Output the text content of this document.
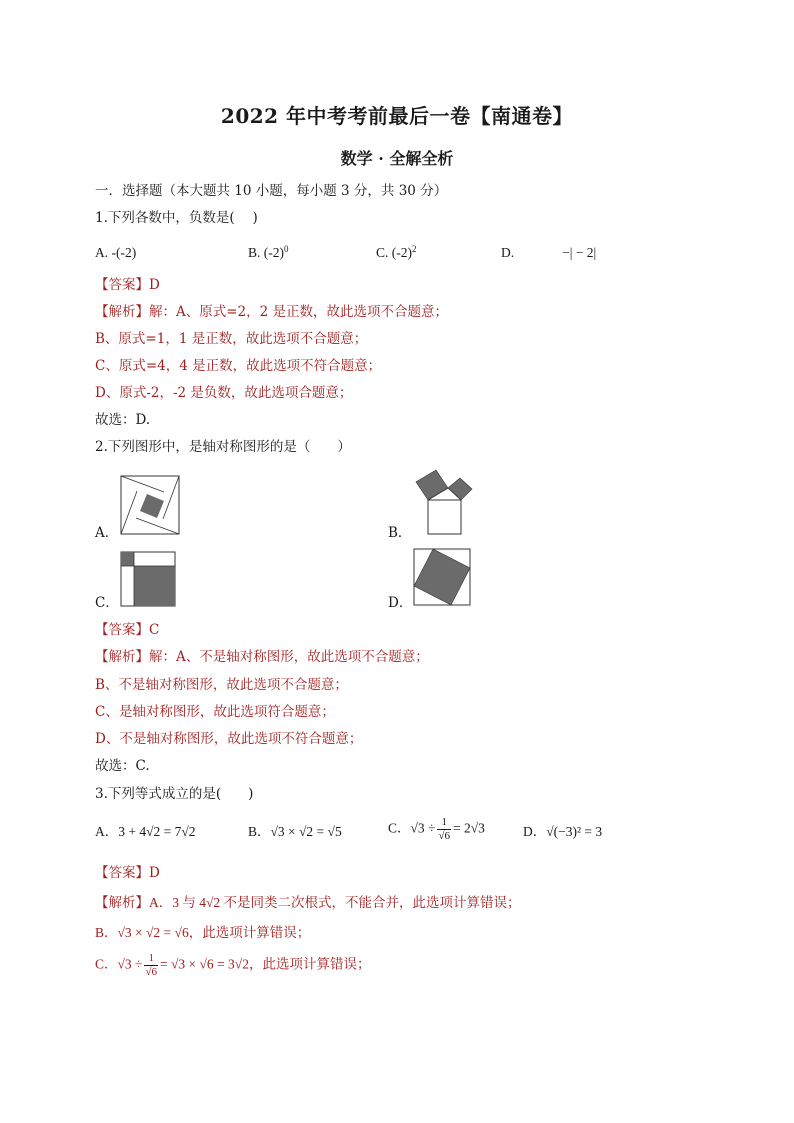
2022 年中考考前最后一卷【南通卷】
数学 · 全解全析
一．选择题（本大题共 10 小题，每小题 3 分，共 30 分）
1.下列各数中，负数是(　 )
A. -(-2)	B. $(-2)^0$	C. $(-2)^2$	D.	−| − 2|
【答案】D
【解析】解：A、原式=2，2 是正数，故此选项不合题意；
B、原式=1，1 是正数，故此选项不合题意；
C、原式=4，4 是正数，故此选项不符合题意；
D、原式-2，-2 是负数，故此选项合题意；
故选：D.
2.下列图形中，是轴对称图形的是（　　）
A．	B．
C．	D．
【答案】C
【解析】解：A、不是轴对称图形，故此选项不合题意；
B、不是轴对称图形，故此选项不合题意；
C、是轴对称图形，故此选项符合题意；
D、不是轴对称图形，故此选项不符合题意；
故选：C.
3.下列等式成立的是(　　)
A．3 + 4√2 = 7√2	B．√3 × √2 = √5	C．$√3 \div \frac{1}{√6} = 2√3$	D．√(−3)² = 3
【答案】D
【解析】A．3 与 4√2 不是同类二次根式，不能合并，此选项计算错误；
B．√3 × √2 = √6，此选项计算错误；
C．$√3 \div \frac{1}{√6} = √3 \times √6 = 3√2$，此选项计算错误；
